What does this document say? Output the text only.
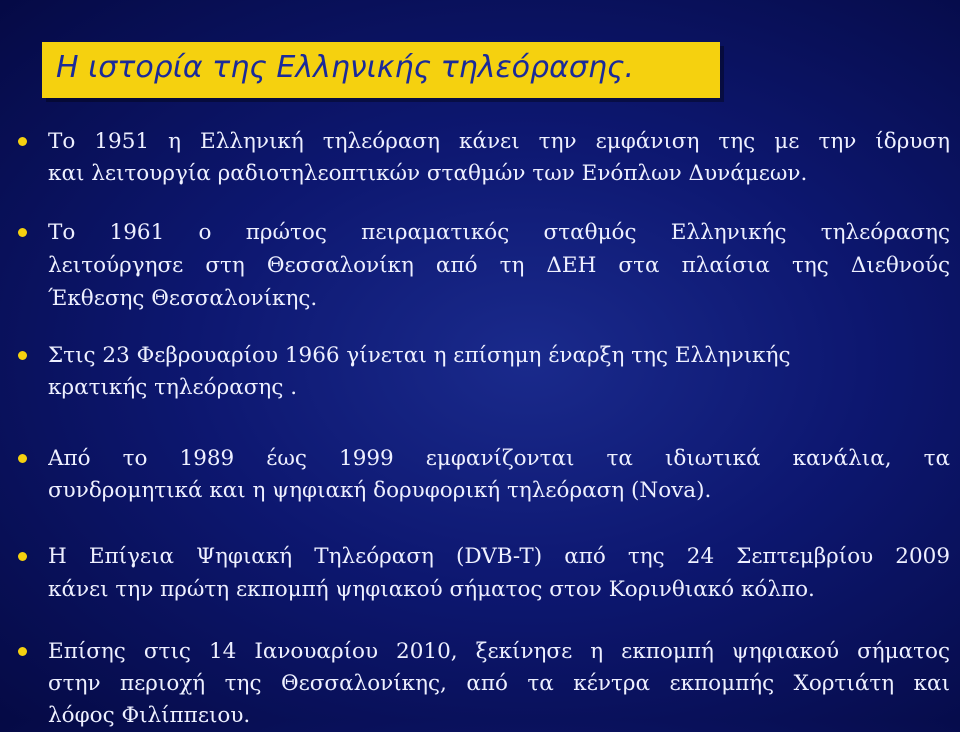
Η ιστορία της Ελληνικής τηλεόρασης.
Το 1951 η Ελληνική τηλεόραση κάνει την εμφάνιση της με την ίδρυση
και λειτουργία ραδιοτηλεοπτικών σταθμών των Ενόπλων Δυνάμεων.
Το 1961 ο πρώτος πειραματικός σταθμός Ελληνικής τηλεόρασης
λειτούργησε στη Θεσσαλονίκη από τη ΔΕΗ στα πλαίσια της Διεθνούς
Έκθεσης Θεσσαλονίκης.
Στις 23 Φεβρουαρίου 1966 γίνεται η επίσημη έναρξη της Ελληνικής
κρατικής τηλεόρασης .
Από το 1989 έως 1999 εμφανίζονται τα ιδιωτικά κανάλια, τα
συνδρομητικά και η ψηφιακή δορυφορική τηλεόραση (Nova).
Η Επίγεια Ψηφιακή Τηλεόραση (DVB-T) από της 24 Σεπτεμβρίου 2009
κάνει την πρώτη εκπομπή ψηφιακού σήματος στον Κορινθιακό κόλπο.
Επίσης στις 14 Ιανουαρίου 2010, ξεκίνησε η εκπομπή ψηφιακού σήματος
στην περιοχή της Θεσσαλονίκης, από τα κέντρα εκπομπής Χορτιάτη και
λόφος Φιλίππειου.
